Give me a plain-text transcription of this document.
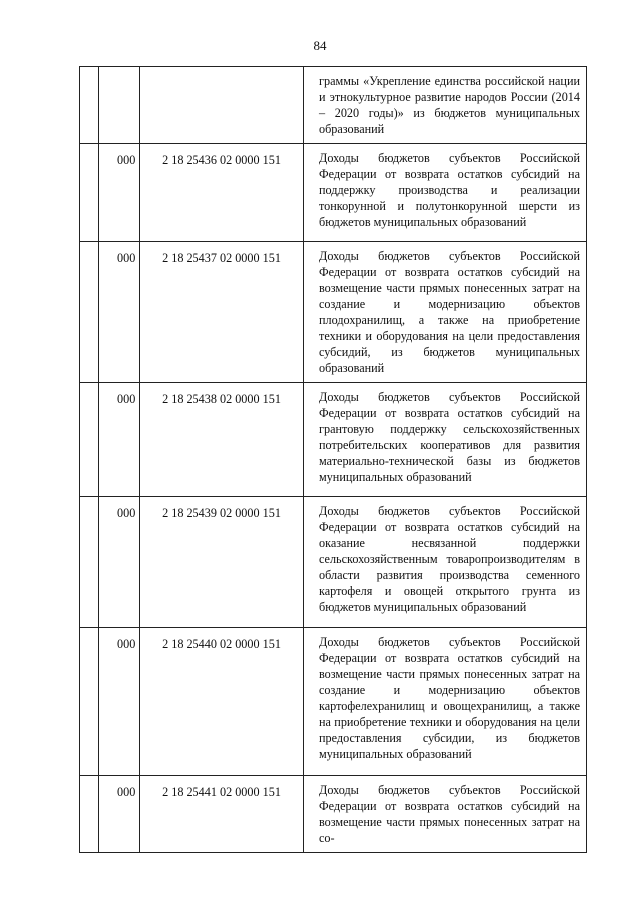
84
			граммы «Укрепление единства российской нации и этнокультурное развитие народов России (2014 – 2020 годы)» из бюджетов муниципальных образований
	000	2 18 25436 02 0000 151	Доходы бюджетов субъектов Российской Федерации от возврата остатков субсидий на поддержку производства и реализации тонкорунной и полутонкорунной шерсти из бюджетов муниципальных образований
	000	2 18 25437 02 0000 151	Доходы бюджетов субъектов Российской Федерации от возврата остатков субсидий на возмещение части прямых понесенных затрат на создание и модернизацию объектов плодохранилищ, а также на приобретение техники и оборудования на цели предоставления субсидий, из бюджетов муниципальных образований
	000	2 18 25438 02 0000 151	Доходы бюджетов субъектов Российской Федерации от возврата остатков субсидий на грантовую поддержку сельскохозяйственных потребительских кооперативов для развития материально-технической базы из бюджетов муниципальных образований
	000	2 18 25439 02 0000 151	Доходы бюджетов субъектов Российской Федерации от возврата остатков субсидий на оказание несвязанной поддержки сельскохозяйственным товаропроизводителям в области развития производства семенного картофеля и овощей открытого грунта из бюджетов муниципальных образований
	000	2 18 25440 02 0000 151	Доходы бюджетов субъектов Российской Федерации от возврата остатков субсидий на возмещение части прямых понесенных затрат на создание и модернизацию объектов картофелехранилищ и овощехранилищ, а также на приобретение техники и оборудования на цели предоставления субсидии, из бюджетов муниципальных образований
	000	2 18 25441 02 0000 151	Доходы бюджетов субъектов Российской Федерации от возврата остатков субсидий на возмещение части прямых понесенных затрат на со-
